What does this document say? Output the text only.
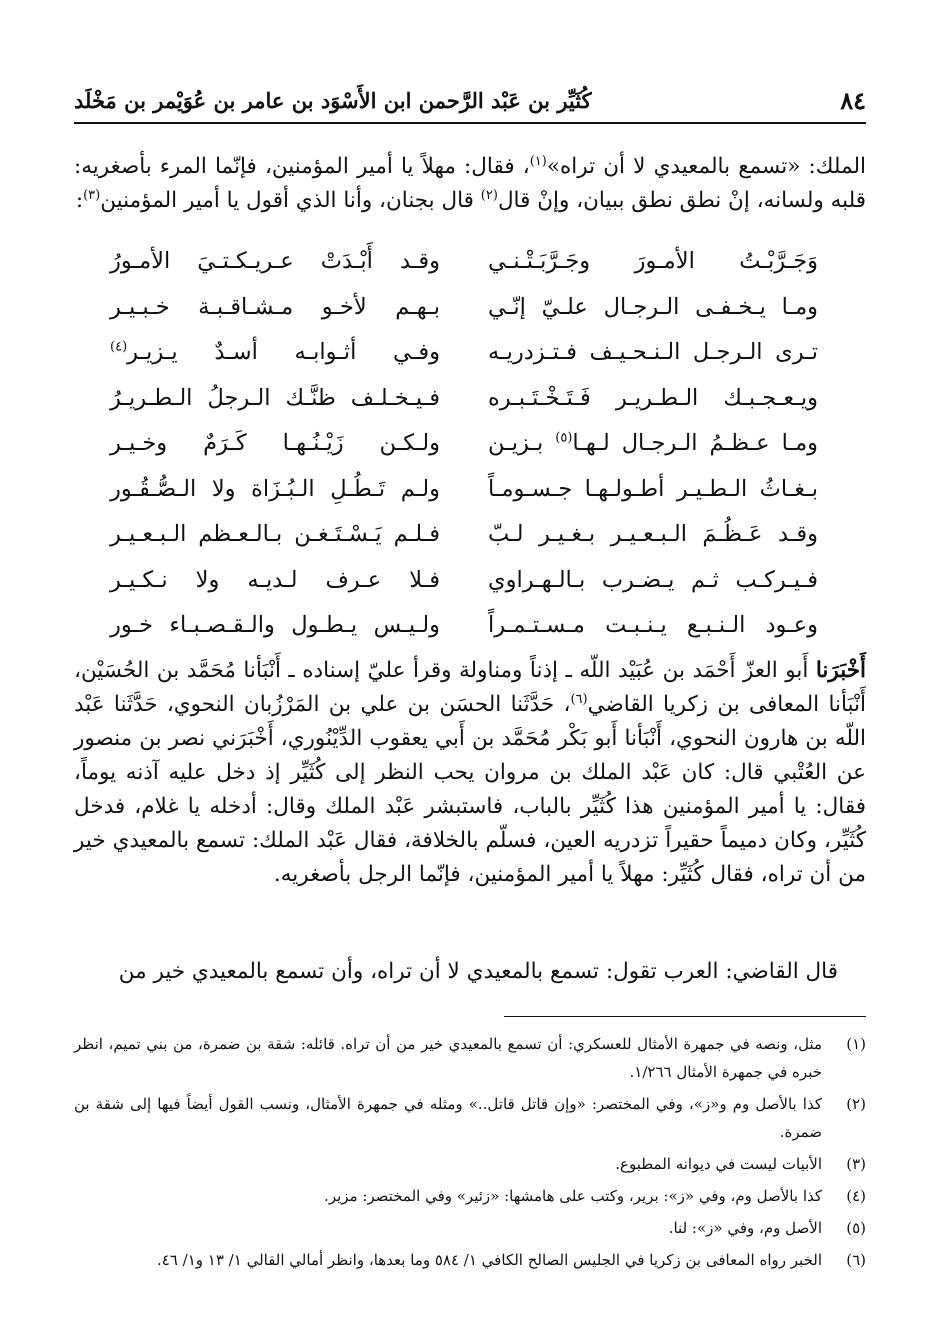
٨٤
كُثَيِّر بن عَبْد الرَّحمن ابن الأَسْوَد بن عامر بن عُوَيْمر بن مَخْلَد
الملك: «تسمع بالمعيدي لا أن تراه»$^{(١)}$، فقال: مهلاً يا أمير المؤمنين، فإنّما المرء بأصغريه: قلبه ولسانه، إنْ نطق نطق ببيان، وإنْ قال$^{(٢)}$ قال بجنان، وأنا الذي أقول يا أمير المؤمنين$^{(٣)}$:
وَجَـرَّبْـتُ الأمـورَ وجَـرَّبَـتْـنـي
وقـد أَبْـدَتْ عـريـكـتـيَ الأمـورُ
ومـا يـخـفـى الـرجـال علـيّ إنّـي
بـهـم لأخـو مـشـاقـبـة خـبـيـر
تـرى الـرجـل الـنـحـيـف فـتـزدريـه
وفـي أثـوابـه أسـدٌ يـزيـر$^{(٤)}$
ويـعـجـبـك الـطـريـر فَـتَـخْـتَـبـره
فـيـخـلـف ظنَّـك الـرجلُ الـطـريـرُ
ومـا عـظـمُ الـرجـال لـهـا$^{(٥)}$ بـزيـن
ولـكـن زَيْـنُـهـا كَـرَمٌ وخـيـر
بـغـاثُ الـطـيـر أطـولـهـا جـسـومـاً
ولـم تَـطُـلِ الـبُـزَاة ولا الـصُّـقُـور
وقـد عَـظُـمَ الـبـعـيـر بـغـيـر لـبّ
فـلـم يَـسْـتَـغـن بـالـعـظم الـبـعـيـر
فـيـركـب ثـم يـضـرب بـالـهـراوي
فـلا عـرف لـديـه ولا نـكـيـر
وعـود الـنـبـع يـنـبـت مـسـتـمـراً
ولـيـس يـطـول والـقـصـبـاء خـور
أَخْبَرَنا أَبو العزّ أَحْمَد بن عُبَيْد اللّه ـ إذناً ومناولة وقرأ عليّ إسناده ـ أَنْبَأنا مُحَمَّد بن الحُسَيْن، أَنْبَأنا المعافى بن زكريا القاضي$^{(٦)}$، حَدَّثَنا الحسَن بن علي بن المَرْزُبان النحوي، حَدَّثَنا عَبْد اللّه بن هارون النحوي، أَنْبَأنا أَبو بَكْر مُحَمَّد بن أَبي يعقوب الدِّيْنُوري، أَخْبَرَني نصر بن منصور عن العُتْبي قال: كان عَبْد الملك بن مروان يحب النظر إلى كُثَيِّر إذ دخل عليه آذنه يوماً، فقال: يا أمير المؤمنين هذا كُثَيِّر بالباب، فاستبشر عَبْد الملك وقال: أدخله يا غلام، فدخل كُثَيِّر، وكان دميماً حقيراً تزدريه العين، فسلّم بالخلافة، فقال عَبْد الملك: تسمع بالمعيدي خير من أن تراه، فقال كُثَيِّر: مهلاً يا أمير المؤمنين، فإنّما الرجل بأصغريه.
قال القاضي: العرب تقول: تسمع بالمعيدي لا أن تراه، وأن تسمع بالمعيدي خير من
(١)
مثل، ونصه في جمهرة الأمثال للعسكري: أن تسمع بالمعيدي خير من أن تراه. قائله: شقة بن ضمرة، من بني تميم، انظر خبره في جمهرة الأمثال ١/٢٦٦.
(٢)
كذا بالأصل وم و«ز»، وفي المختصر: «وإن قاتل قاتل..» ومثله في جمهرة الأمثال، ونسب القول أيضاً فيها إلى شقة بن ضمرة.
(٣)
الأبيات ليست في ديوانه المطبوع.
(٤)
كذا بالأصل وم، وفي «ز»: برير، وكتب على هامشها: «زئير» وفي المختصر: مزير.
(٥)
الأصل وم، وفي «ز»: لنا.
(٦)
الخبر رواه المعافى بن زكريا في الجليس الصالح الكافي ١/ ٥٨٤ وما بعدها، وانظر أمالي القالي ١/ ١٣ و١/ ٤٦.
